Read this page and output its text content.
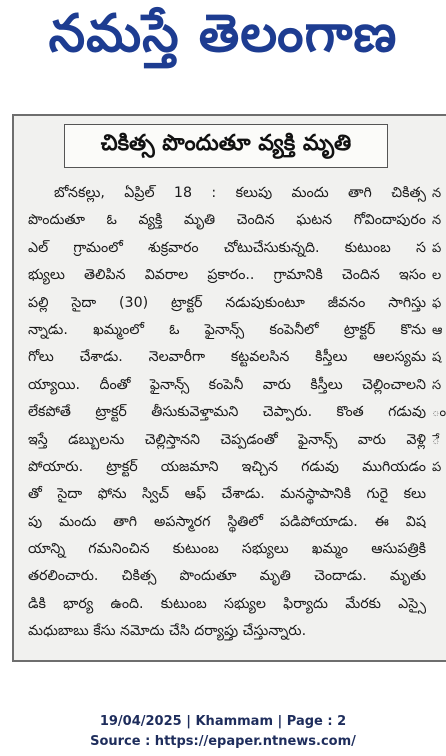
నమస్తే తెలంగాణ
చికిత్స పొందుతూ వ్యక్తి మృతి
బోనకల్లు, ఏప్రిల్ 18 : కలుపు మందు తాగి చికిత్స
పొందుతూ ఓ వ్యక్తి మృతి చెందిన ఘటన గోవిందాపురం
ఎల్ గ్రామంలో శుక్రవారం చోటుచేసుకున్నది. కుటుంబ స
భ్యులు తెలిపిన వివరాల ప్రకారం.. గ్రామానికి చెందిన ఇసం
పల్లి సైదా (30) ట్రాక్టర్ నడుపుకుంటూ జీవనం సాగిస్తు
న్నాడు. ఖమ్మంలో ఓ ఫైనాన్స్ కంపెనీలో ట్రాక్టర్ కొను
గోలు చేశాడు. నెలవారీగా కట్టవలసిన కిస్తీలు ఆలస్యమ
య్యాయి. దీంతో ఫైనాన్స్ కంపెనీ వారు కిస్తీలు చెల్లించాలని
లేకపోతే ట్రాక్టర్ తీసుకువెళ్తామని చెప్పారు. కొంత గడువు
ఇస్తే డబ్బులను చెల్లిస్తానని చెప్పడంతో ఫైనాన్స్ వారు వెళ్లి
పోయారు. ట్రాక్టర్ యజమాని ఇచ్చిన గడువు ముగియడం
తో సైదా ఫోను స్విచ్ ఆఫ్ చేశాడు. మనస్థాపానికి గురై కలు
పు మందు తాగి అపస్మారగ స్థితిలో పడిపోయాడు. ఈ విష
యాన్ని గమనించిన కుటుంబ సభ్యులు ఖమ్మం ఆసుపత్రికి
తరలించారు. చికిత్స పొందుతూ మృతి చెందాడు. మృతు
డికి భార్య ఉంది. కుటుంబ సభ్యుల ఫిర్యాదు మేరకు ఎస్సై
మధుబాబు కేసు నమోదు చేసి దర్యాప్తు చేస్తున్నారు.
న
న
ప
ల
ఫ
ఆ
ష
స
ం
ే
ప
19/04/2025 | Khammam | Page : 2
Source : https://epaper.ntnews.com/
